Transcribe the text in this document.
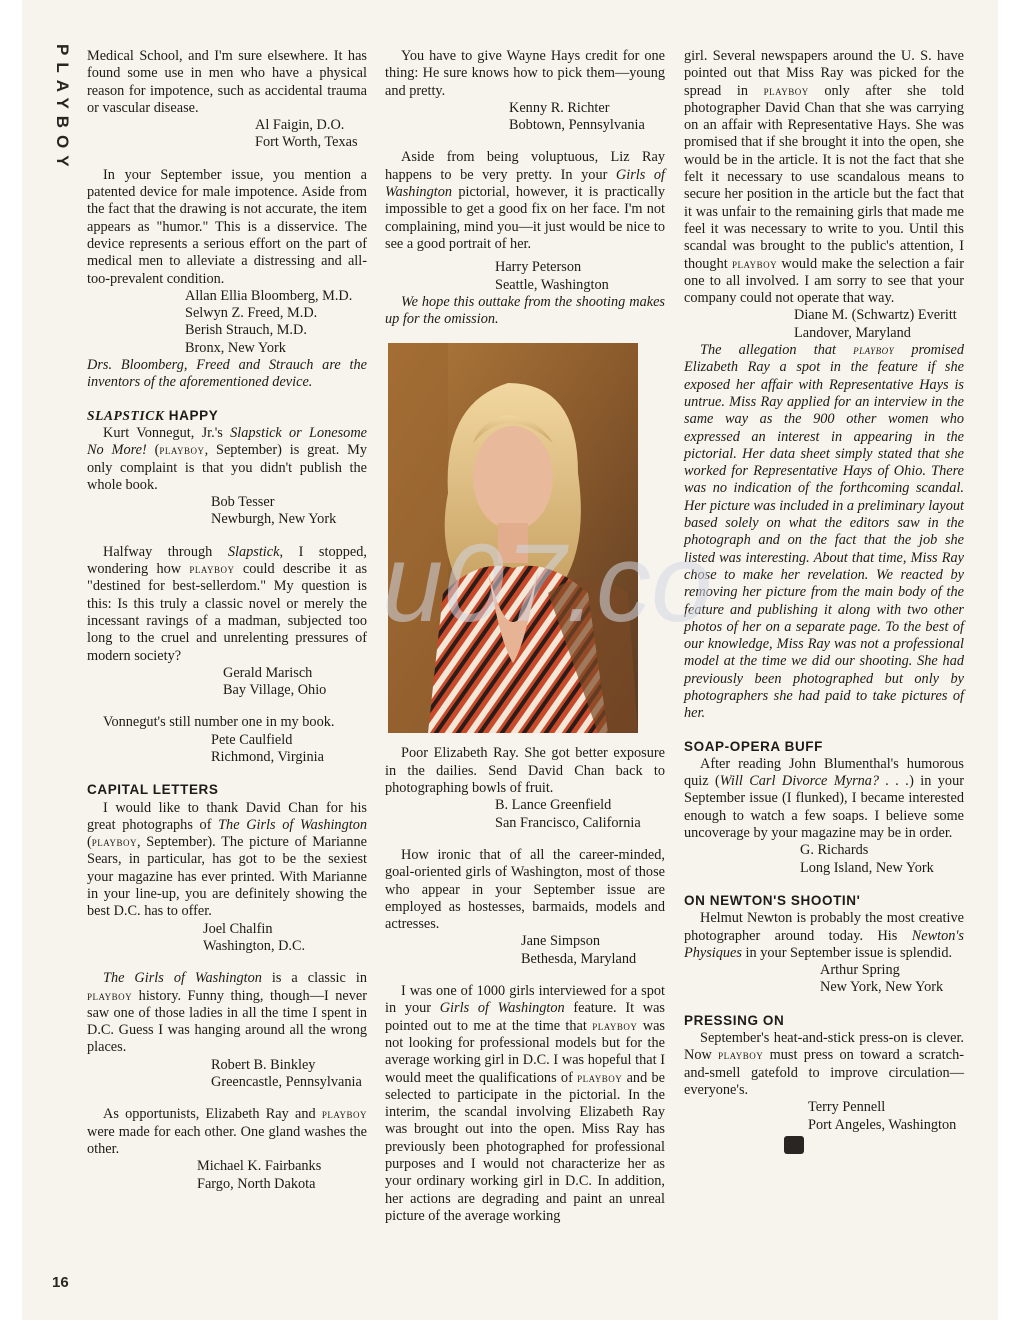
PLAYBOY
16

Medical School, and I'm sure elsewhere. It has found some use in men who have a physical reason for impotence, such as accidental trauma or vascular disease.

Al Faigin, D.O.

Fort Worth, Texas

In your September issue, you mention a patented device for male impotence. Aside from the fact that the drawing is not accurate, the item appears as "humor." This is a disservice. The device represents a serious effort on the part of medical men to alleviate a distressing and all-too-prevalent condition.

Allan Ellia Bloomberg, M.D.

Selwyn Z. Freed, M.D.

Berish Strauch, M.D.

Bronx, New York

Drs. Bloomberg, Freed and Strauch are the inventors of the aforementioned device.

SLAPSTICK HAPPY

Kurt Vonnegut, Jr.'s Slapstick or Lonesome No More! (playboy, September) is great. My only complaint is that you didn't publish the whole book.

Bob Tesser

Newburgh, New York

Halfway through Slapstick, I stopped, wondering how playboy could describe it as "destined for best-sellerdom." My question is this: Is this truly a classic novel or merely the incessant ravings of a madman, subjected too long to the cruel and unrelenting pressures of modern society?

Gerald Marisch

Bay Village, Ohio

Vonnegut's still number one in my book.

Pete Caulfield

Richmond, Virginia

CAPITAL LETTERS

I would like to thank David Chan for his great photographs of The Girls of Washington (playboy, September). The picture of Marianne Sears, in particular, has got to be the sexiest your magazine has ever printed. With Marianne in your line-up, you are definitely showing the best D.C. has to offer.

Joel Chalfin

Washington, D.C.

The Girls of Washington is a classic in playboy history. Funny thing, though—I never saw one of those ladies in all the time I spent in D.C. Guess I was hanging around all the wrong places.

Robert B. Binkley

Greencastle, Pennsylvania

As opportunists, Elizabeth Ray and playboy were made for each other. One gland washes the other.

Michael K. Fairbanks

Fargo, North Dakota

You have to give Wayne Hays credit for one thing: He sure knows how to pick them—young and pretty.

Kenny R. Richter

Bobtown, Pennsylvania

Aside from being voluptuous, Liz Ray happens to be very pretty. In your Girls of Washington pictorial, however, it is practically impossible to get a good fix on her face. I'm not complaining, mind you—it just would be nice to see a good portrait of her.

Harry Peterson

Seattle, Washington

We hope this outtake from the shooting makes up for the omission.

Poor Elizabeth Ray. She got better exposure in the dailies. Send David Chan back to photographing bowls of fruit.

B. Lance Greenfield

San Francisco, California

How ironic that of all the career-minded, goal-oriented girls of Washington, most of those who appear in your September issue are employed as hostesses, barmaids, models and actresses.

Jane Simpson

Bethesda, Maryland

I was one of 1000 girls interviewed for a spot in your Girls of Washington feature. It was pointed out to me at the time that playboy was not looking for professional models but for the average working girl in D.C. I was hopeful that I would meet the qualifications of playboy and be selected to participate in the pictorial. In the interim, the scandal involving Elizabeth Ray was brought out into the open. Miss Ray has previously been photographed for professional purposes and I would not characterize her as your ordinary working girl in D.C. In addition, her actions are degrading and paint an unreal picture of the average working

girl. Several newspapers around the U. S. have pointed out that Miss Ray was picked for the spread in playboy only after she told photographer David Chan that she was carrying on an affair with Representative Hays. She was promised that if she brought it into the open, she would be in the article. It is not the fact that she felt it necessary to use scandalous means to secure her position in the article but the fact that it was unfair to the remaining girls that made me feel it was necessary to write to you. Until this scandal was brought to the public's attention, I thought playboy would make the selection a fair one to all involved. I am sorry to see that your company could not operate that way.

Diane M. (Schwartz) Everitt

Landover, Maryland

The allegation that playboy promised Elizabeth Ray a spot in the feature if she exposed her affair with Representative Hays is untrue. Miss Ray applied for an interview in the same way as the 900 other women who expressed an interest in appearing in the pictorial. Her data sheet simply stated that she worked for Representative Hays of Ohio. There was no indication of the forthcoming scandal. Her picture was included in a preliminary layout based solely on what the editors saw in the photograph and on the fact that the job she listed was interesting. About that time, Miss Ray chose to make her revelation. We reacted by removing her picture from the main body of the feature and publishing it along with two other photos of her on a separate page. To the best of our knowledge, Miss Ray was not a professional model at the time we did our shooting. She had previously been photographed but only by photographers she had paid to take pictures of her.

SOAP-OPERA BUFF

After reading John Blumenthal's humorous quiz (Will Carl Divorce Myrna? . . .) in your September issue (I flunked), I became interested enough to watch a few soaps. I believe some uncoverage by your magazine may be in order.

G. Richards

Long Island, New York

ON NEWTON'S SHOOTIN'

Helmut Newton is probably the most creative photographer around today. His Newton's Physiques in your September issue is splendid.

Arthur Spring

New York, New York

PRESSING ON

September's heat-and-stick press-on is clever. Now playboy must press on toward a scratch-and-smell gatefold to improve circulation—everyone's.

Terry Pennell

Port Angeles, Washington

u07.co
